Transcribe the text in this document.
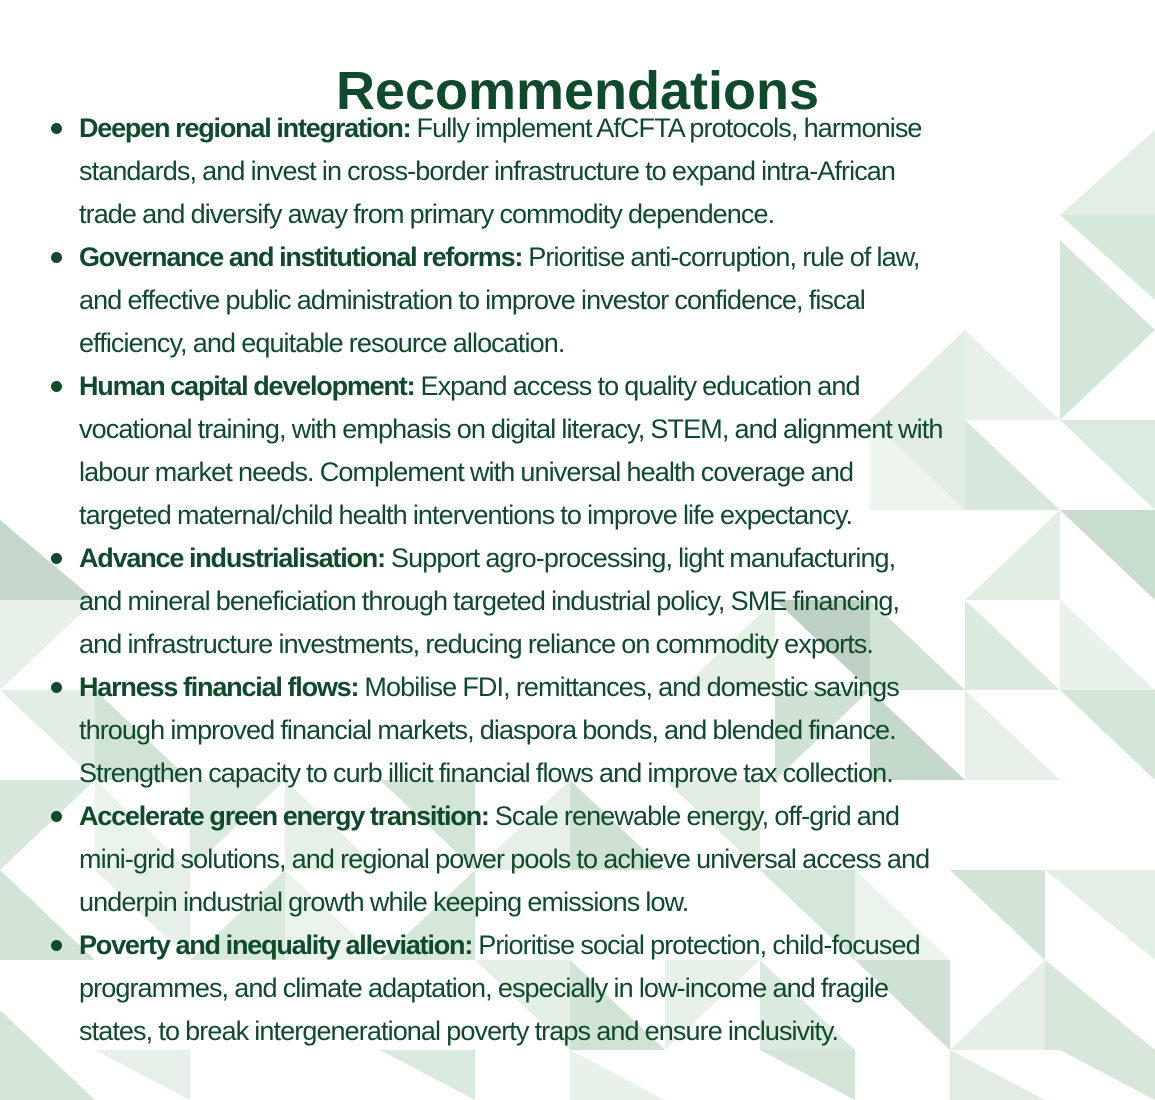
Recommendations
Deepen regional integration: Fully implement AfCFTA protocols, harmonise
standards, and invest in cross-border infrastructure to expand intra-African
trade and diversify away from primary commodity dependence.
Governance and institutional reforms: Prioritise anti-corruption, rule of law,
and effective public administration to improve investor confidence, fiscal
efficiency, and equitable resource allocation.
Human capital development: Expand access to quality education and
vocational training, with emphasis on digital literacy, STEM, and alignment with
labour market needs. Complement with universal health coverage and
targeted maternal/child health interventions to improve life expectancy.
Advance industrialisation: Support agro-processing, light manufacturing,
and mineral beneficiation through targeted industrial policy, SME financing,
and infrastructure investments, reducing reliance on commodity exports.
Harness financial flows: Mobilise FDI, remittances, and domestic savings
through improved financial markets, diaspora bonds, and blended finance.
Strengthen capacity to curb illicit financial flows and improve tax collection.
Accelerate green energy transition: Scale renewable energy, off-grid and
mini-grid solutions, and regional power pools to achieve universal access and
underpin industrial growth while keeping emissions low.
Poverty and inequality alleviation: Prioritise social protection, child-focused
programmes, and climate adaptation, especially in low-income and fragile
states, to break intergenerational poverty traps and ensure inclusivity.
